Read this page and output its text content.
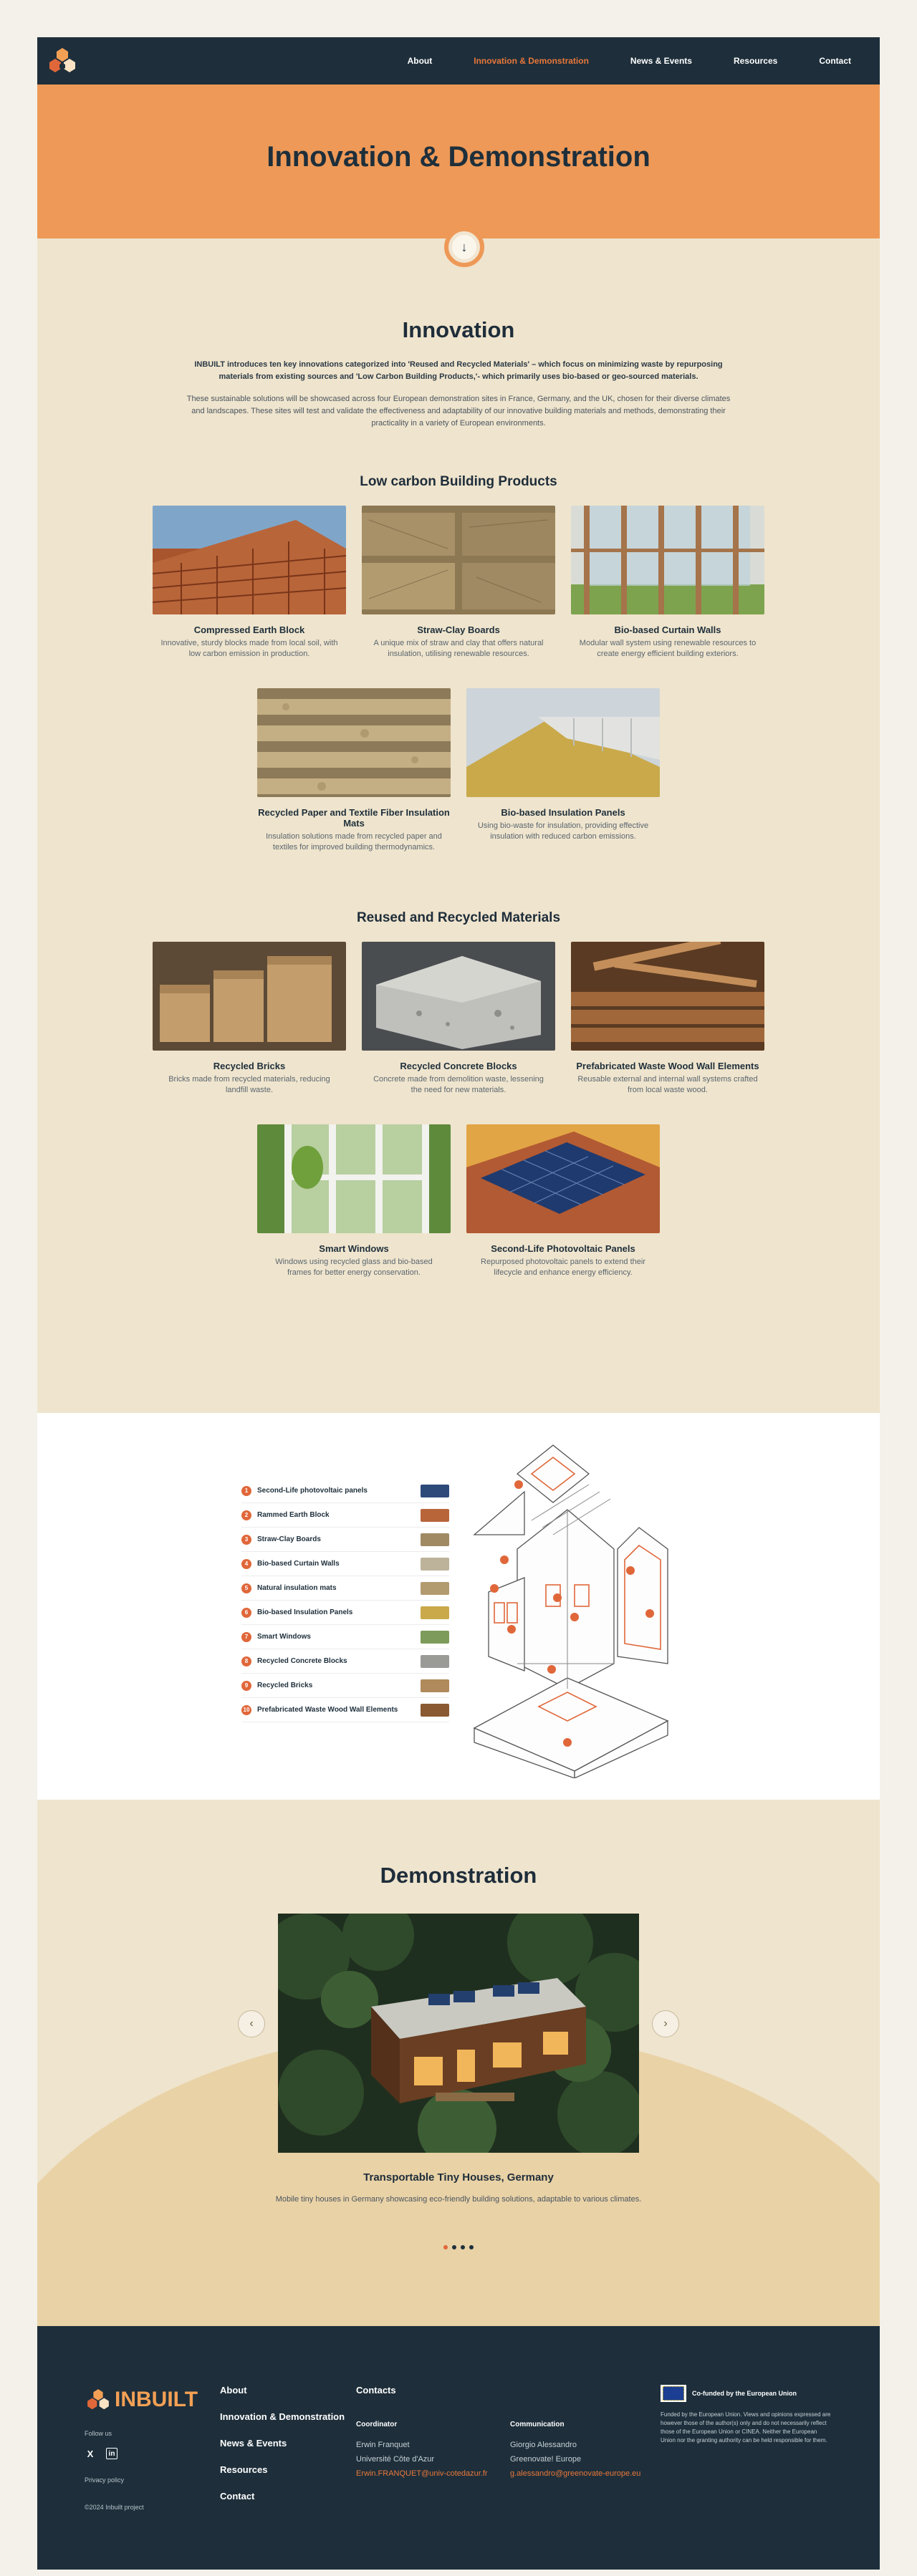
About	Innovation & Demonstration	News & Events	Resources	Contact
Innovation & Demonstration
↓
Innovation

INBUILT introduces ten key innovations categorized into 'Reused and Recycled Materials' – which focus on minimizing waste by repurposing materials from existing sources and 'Low Carbon Building Products,'- which primarily uses bio-based or geo-sourced materials.

These sustainable solutions will be showcased across four European demonstration sites in France, Germany, and the UK, chosen for their diverse climates and landscapes. These sites will test and validate the effectiveness and adaptability of our innovative building materials and methods, demonstrating their practicality in a variety of European environments.

Low carbon Building Products
Compressed Earth Block

Innovative, sturdy blocks made from local soil, with low carbon emission in production.

Straw-Clay Boards

A unique mix of straw and clay that offers natural insulation, utilising renewable resources.

Bio-based Curtain Walls

Modular wall system using renewable resources to create energy efficient building exteriors.

Recycled Paper and Textile Fiber Insulation Mats

Insulation solutions made from recycled paper and textiles for improved building thermodynamics.

Bio-based Insulation Panels

Using bio-waste for insulation, providing effective insulation with reduced carbon emissions.

Reused and Recycled Materials
Recycled Bricks

Bricks made from recycled materials, reducing landfill waste.

Recycled Concrete Blocks

Concrete made from demolition waste, lessening the need for new materials.

Prefabricated Waste Wood Wall Elements

Reusable external and internal wall systems crafted from local waste wood.

Smart Windows

Windows using recycled glass and bio-based frames for better energy conservation.

Second-Life Photovoltaic Panels

Repurposed photovoltaic panels to extend their lifecycle and enhance energy efficiency.

1	Second-Life photovoltaic panels
2	Rammed Earth Block
3	Straw-Clay Boards
4	Bio-based Curtain Walls
5	Natural insulation mats
6	Bio-based Insulation Panels
7	Smart Windows
8	Recycled Concrete Blocks
9	Recycled Bricks
10 Prefabricated Waste Wood Wall Elements
Demonstration
‹	›
Transportable Tiny Houses, Germany
Mobile tiny houses in Germany showcasing eco-friendly building solutions, adaptable to various climates.
INBUILT
Follow us
X	in
Privacy policy
©2024 Inbuilt project
About
Innovation & Demonstration
News & Events
Resources
Contact
Contacts
Coordinator
Erwin Franquet
Université Côte d'Azur
Erwin.FRANQUET@univ-cotedazur.fr
Communication
Giorgio Alessandro
Greenovate! Europe
g.alessandro@greenovate-europe.eu
Co-funded by the European Union
Funded by the European Union. Views and opinions expressed are however those of the author(s) only and do not necessarily reflect those of the European Union or CINEA. Neither the European Union nor the granting authority can be held responsible for them.
